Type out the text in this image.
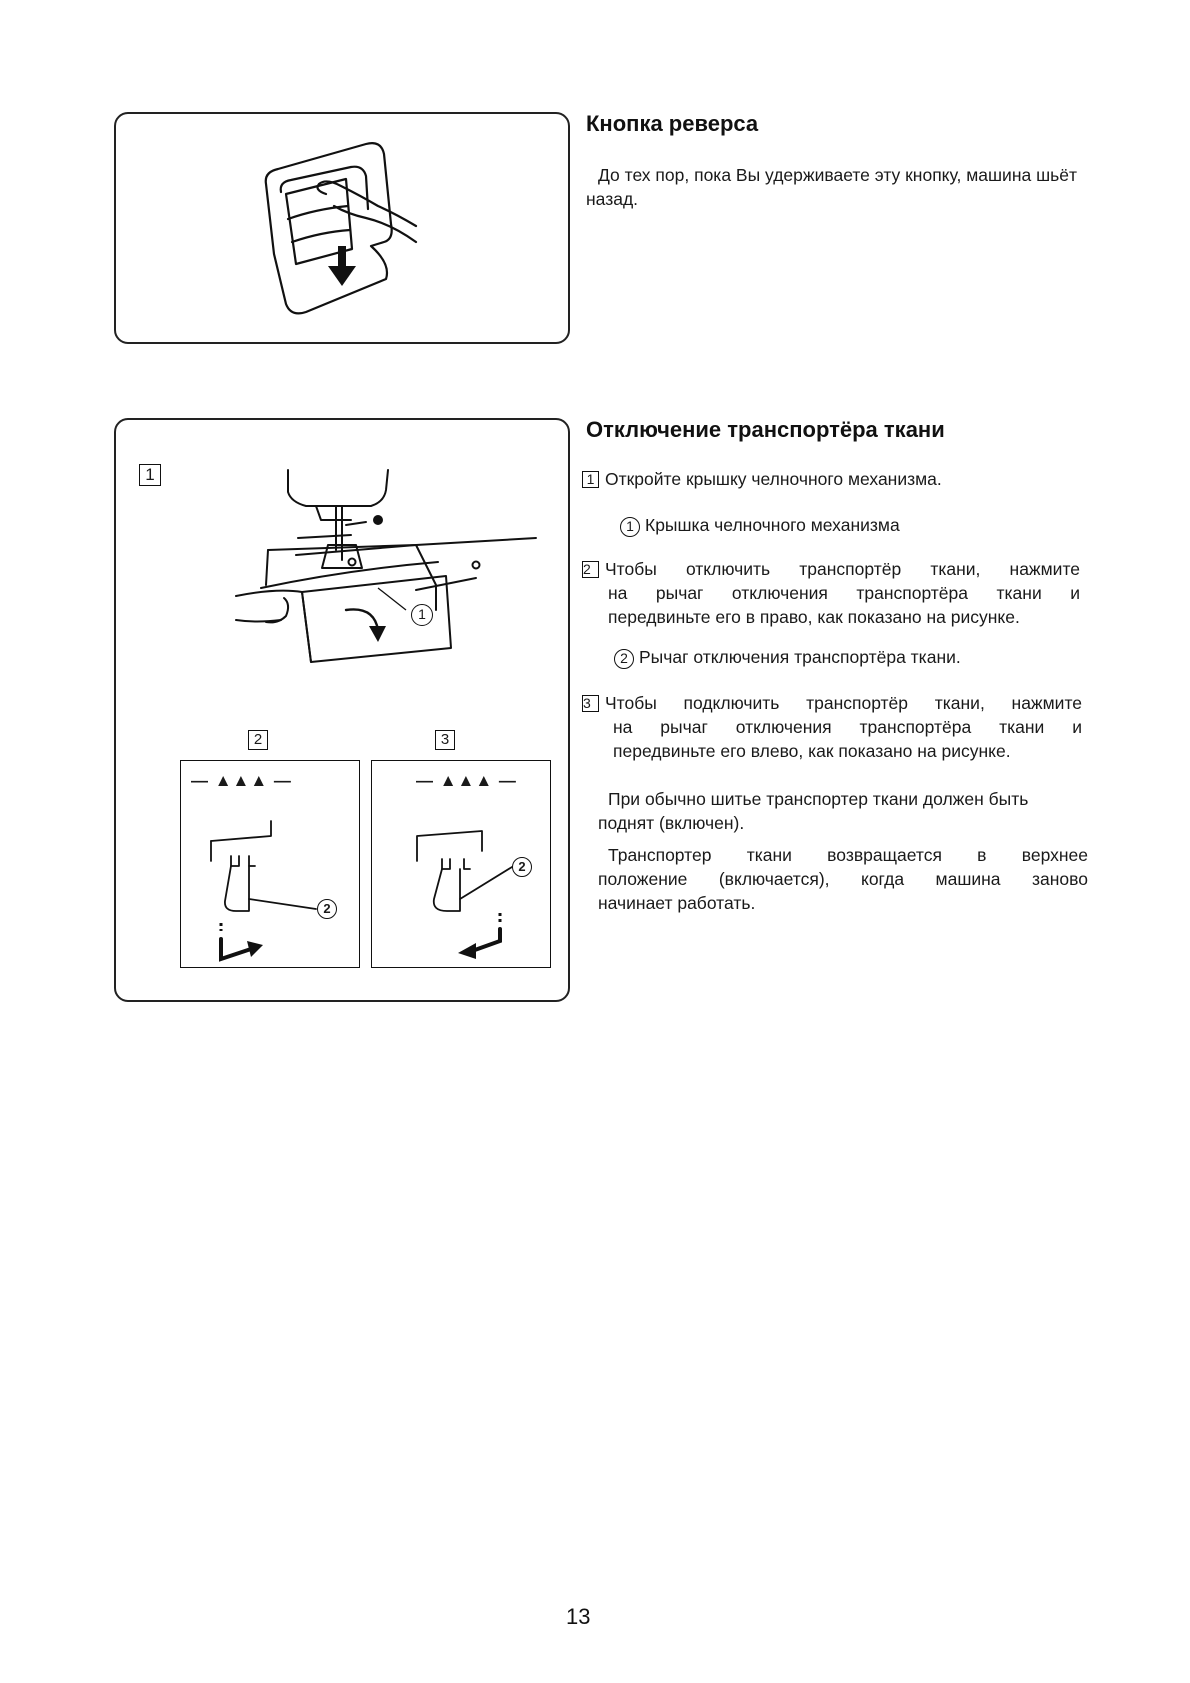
Кнопка реверса
До тех пор, пока Вы удерживаете эту кнопку, машина шьёт назад.
1
1
2	3
— ▲▲▲ —
2
— ▲▲▲ —
2
Отключение транспортёра ткани
1 Откройте крышку челночного механизма.
1 Крышка челночного механизма
2 Чтобы отключить транспортёр ткани, нажмите
на рычаг отключения транспортёра ткани и
передвиньте его в право, как показано на рисунке.
2 Рычаг отключения транспортёра ткани.
3 Чтобы подключить транспортёр ткани, нажмите
на рычаг отключения транспортёра ткани и
передвиньте его влево, как показано на рисунке.
При обычно шитье транспортер ткани должен быть
поднят (включен).
Транспортер ткани возвращается в верхнее
положение (включается), когда машина заново
начинает работать.
13
